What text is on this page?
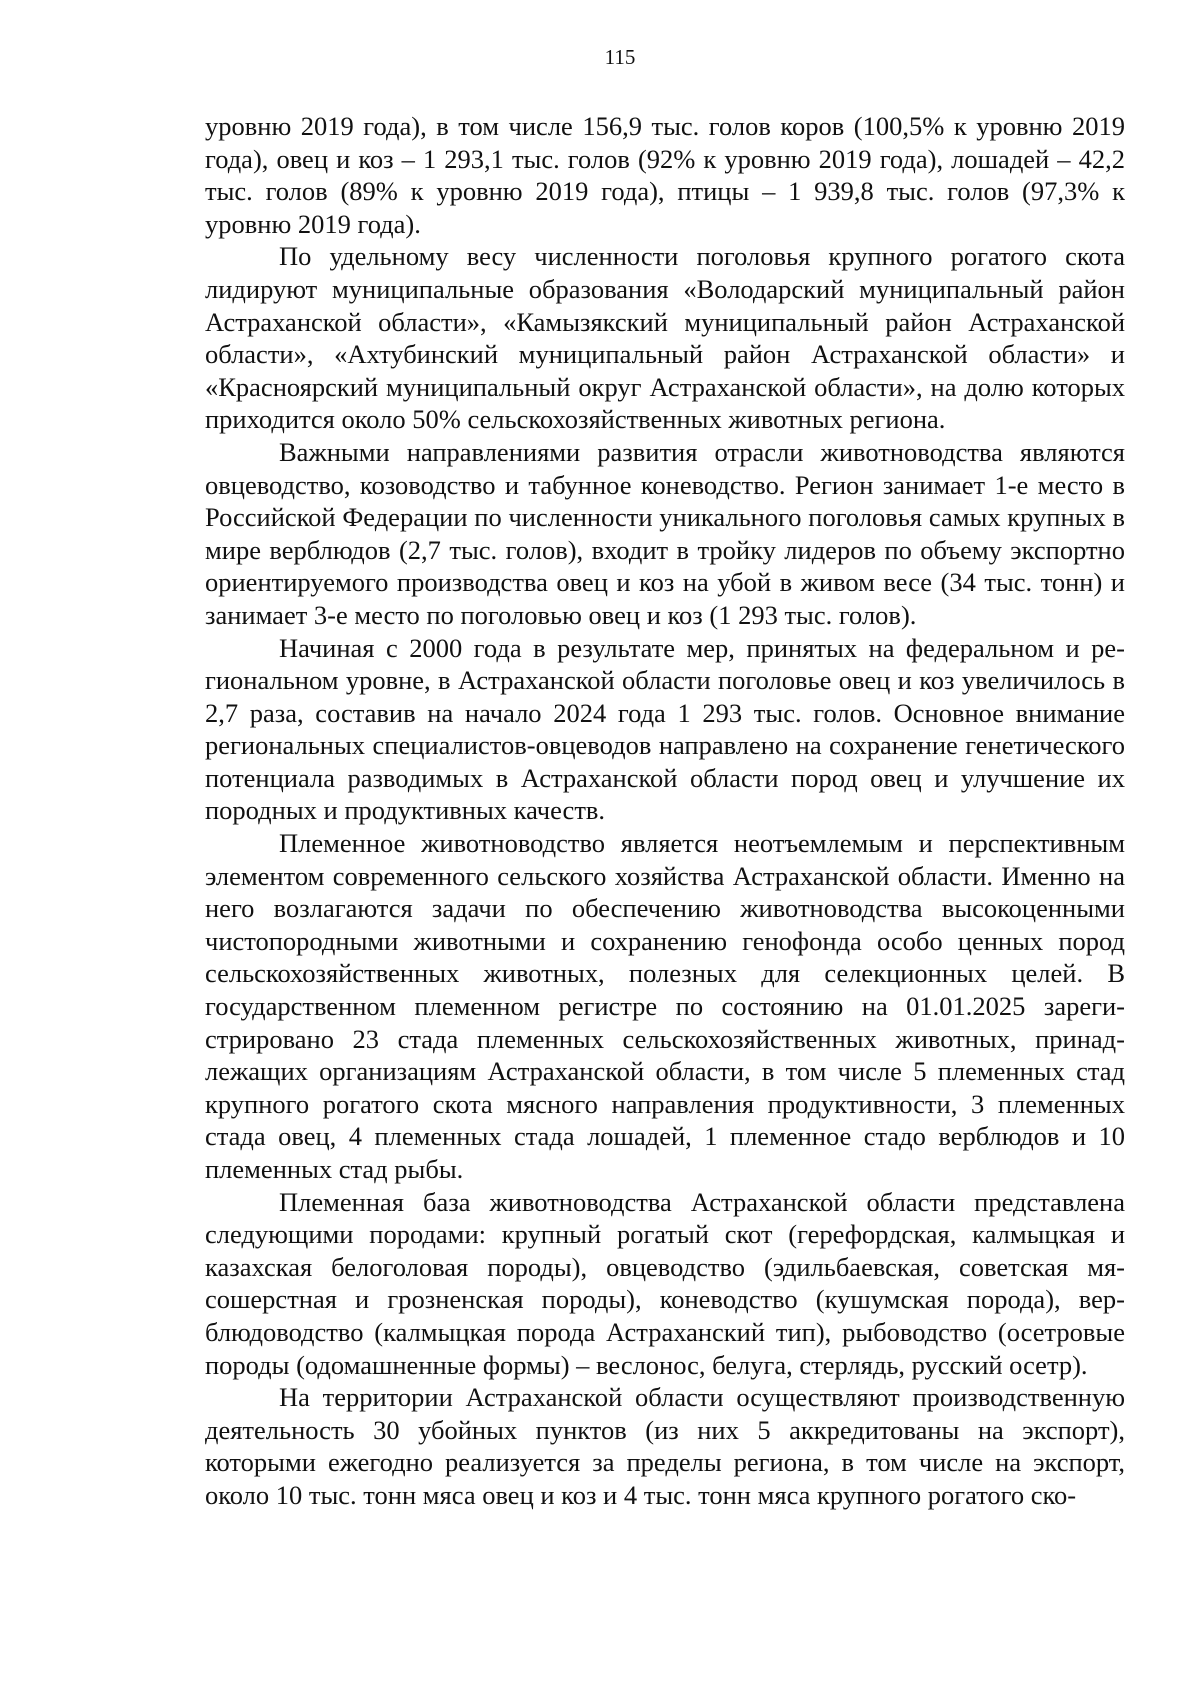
115

уровню 2019 года), в том числе 156,9 тыс. голов коров (100,5% к уровню 2019 года), овец и коз – 1 293,1 тыс. голов (92% к уровню 2019 года), лошадей – 42,2 тыс. голов (89% к уровню 2019 года), птицы – 1 939,8 тыс. голов (97,3% к уровню 2019 года).

По удельному весу численности поголовья крупного рогатого скота лидируют муниципальные образования «Володарский муниципальный район Астраханской области», «Камызякский муниципальный район Астраханской области», «Ахтубинский муниципальный район Астраханской области» и «Красноярский муниципальный округ Астраханской области», на долю которых приходится около 50% сельскохозяйственных животных региона.

Важными направлениями развития отрасли животноводства являются овцеводство, козоводство и табунное коневодство. Регион занимает 1-е место в Российской Федерации по численности уникального поголовья самых крупных в мире верблюдов (2,7 тыс. голов), входит в тройку лидеров по объему экспортно ориентируемого производства овец и коз на убой в живом весе (34 тыс. тонн) и занимает 3-е место по поголовью овец и коз (1 293 тыс. голов).

Начиная с 2000 года в результате мер, принятых на федеральном и региональном уровне, в Астраханской области поголовье овец и коз увеличилось в 2,7 раза, составив на начало 2024 года 1 293 тыс. голов. Основное внимание региональных специалистов-овцеводов направлено на сохранение генетического потенциала разводимых в Астраханской области пород овец и улучшение их породных и продуктивных качеств.

Племенное животноводство является неотъемлемым и перспективным элементом современного сельского хозяйства Астраханской области. Именно на него возлагаются задачи по обеспечению животноводства высокоценными чистопородными животными и сохранению генофонда особо ценных пород сельскохозяйственных животных, полезных для селекционных целей. В государственном племенном регистре по состоянию на 01.01.2025 зарегистрировано 23 стада племенных сельскохозяйственных животных, принадлежащих организациям Астраханской области, в том числе 5 племенных стад крупного рогатого скота мясного направления продуктивности, 3 племенных стада овец, 4 племенных стада лошадей, 1 племенное стадо верблюдов и 10 племенных стад рыбы.

Племенная база животноводства Астраханской области представлена следующими породами: крупный рогатый скот (герефордская, калмыцкая и казахская белоголовая породы), овцеводство (эдильбаевская, советская мясошерстная и грозненская породы), коневодство (кушумская порода), верблюдоводство (калмыцкая порода Астраханский тип), рыбоводство (осетровые породы (одомашненные формы) – веслонос, белуга, стерлядь, русский осетр).

На территории Астраханской области осуществляют производственную деятельность 30 убойных пунктов (из них 5 аккредитованы на экспорт), которыми ежегодно реализуется за пределы региона, в том числе на экспорт, около 10 тыс. тонн мяса овец и коз и 4 тыс. тонн мяса крупного рогатого ско-
